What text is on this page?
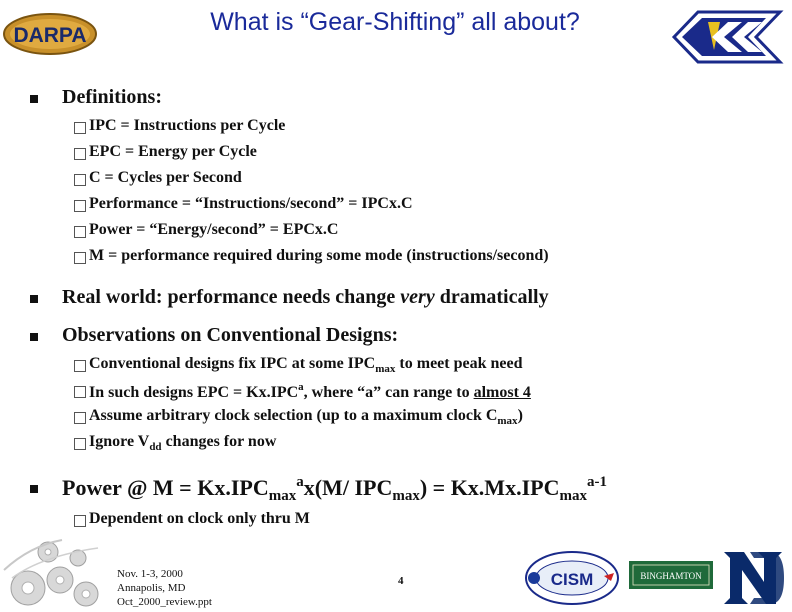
DARPA	What is “Gear-Shifting” all about?
PACC
Definitions:
IPC = Instructions per Cycle
EPC = Energy per Cycle
C = Cycles per Second
Performance = “Instructions/second” = IPCx.C
Power = “Energy/second” = EPCx.C
M = performance required during some mode (instructions/second)
Real world: performance needs change very dramatically
Observations on Conventional Designs:
Conventional designs fix IPC at some $IPC_{max}$ to meet peak need
In such designs EPC = $Kx.IPC^a$, where “a” can range to almost 4
Assume arbitrary clock selection (up to a maximum clock $C_{max}$)
Ignore $V_{dd}$ changes for now
Power @ $M = Kx.IPC_{max}^ax(M/$ $IPC_{max}) = Kx.Mx.IPC_{max}^{a-1}$
Dependent on clock only thru M
Nov. 1-3, 2000
Annapolis, MD
Oct_2000_review.ppt
4	CISM	BINGHAMTON
ND
